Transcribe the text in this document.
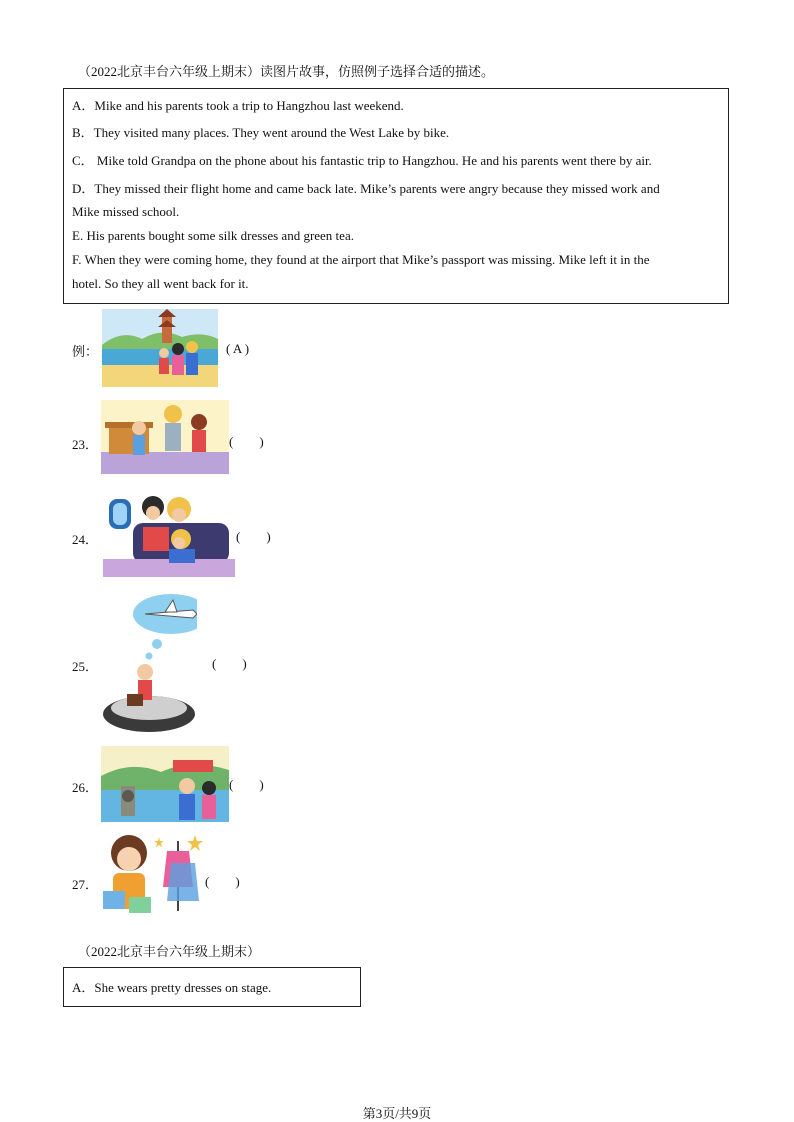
（2022北京丰台六年级上期末）读图片故事，仿照例子选择合适的描述。
A．Mike and his parents took a trip to Hangzhou last weekend.
B．They visited many places. They went around the West Lake by bike.
C． Mike told Grandpa on the phone about his fantastic trip to Hangzhou. He and his parents went there by air.
D．They missed their flight home and came back late. Mike’s parents were angry because they missed work and
Mike missed school.
E. His parents bought some silk dresses and green tea.
F. When they were coming home, they found at the airport that Mike’s passport was missing. Mike left it in the
hotel. So they all went back for it.
例：	( A )
23．	(        )
24．	(        )
25．	(        )
26．	(        )
27．	(        )
（2022北京丰台六年级上期末）
A．She wears pretty dresses on stage.
第3页/共9页
